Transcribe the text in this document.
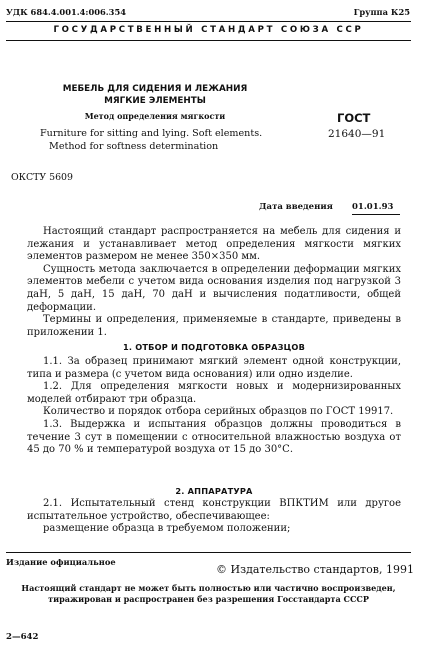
УДК 684.4.001.4:006.354	Группа К25
ГОСУДАРСТВЕННЫЙ СТАНДАРТ СОЮЗА ССР
МЕБЕЛЬ ДЛЯ СИДЕНИЯ И ЛЕЖАНИЯ
МЯГКИЕ ЭЛЕМЕНТЫ
Метод определения мягкости
Furniture for sitting and lying. Soft elements.
Method for softness determination
ГОСТ
21640—91
ОКСТУ 5609
Дата введения 01.01.93

Настоящий стандарт распространяется на мебель для сидения и лежания и устанавливает метод определения мягкости мягких элементов размером не менее 350×350 мм.

Сущность метода заключается в определении деформации мягких элементов мебели с учетом вида основания изделия под нагрузкой 3 даН, 5 даН, 15 даН, 70 даН и вычисления податливости, общей деформации.

Термины и определения, применяемые в стандарте, приведены в приложении 1.

1. ОТБОР И ПОДГОТОВКА ОБРАЗЦОВ

1.1. За образец принимают мягкий элемент одной конструкции, типа и размера (с учетом вида основания) или одно изделие.

1.2. Для определения мягкости новых и модернизированных моделей отбирают три образца.

Количество и порядок отбора серийных образцов по ГОСТ 19917.

1.3. Выдержка и испытания образцов должны проводиться в течение 3 сут в помещении с относительной влажностью воздуха от 45 до 70 % и температурой воздуха от 15 до 30°С.

2. АППАРАТУРА

2.1. Испытательный стенд конструкции ВПКТИМ или другое испытательное устройство, обеспечивающее:

размещение образца в требуемом положении;

Издание официальное
© Издательство стандартов, 1991
Настоящий стандарт не может быть полностью или частично воспроизведен, тиражирован и распространен без разрешения Госстандарта СССР
2—642
